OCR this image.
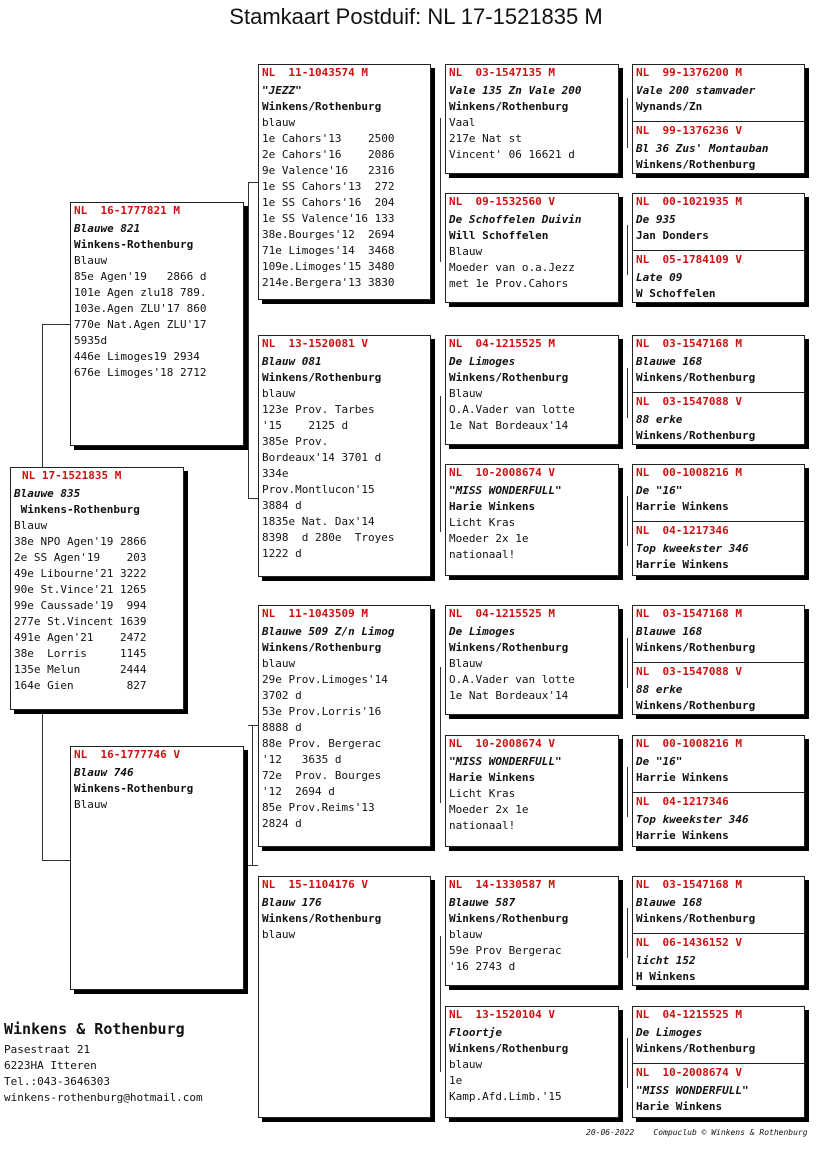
Stamkaart Postduif: NL 17-1521835 M
NL 17-1521835 M
Blauwe 835
Winkens-Rothenburg
Blauw
38e NPO Agen'19 2866
2e SS Agen'19    203
49e Libourne'21 3222
90e St.Vince'21 1265
99e Caussade'19  994
277e St.Vincent 1639
491e Agen'21    2472
38e  Lorris     1145
135e Melun      2444
164e Gien        827
NL  16-1777821 M
Blauwe 821
Winkens-Rothenburg
Blauw
85e Agen'19   2866 d
101e Agen zlu18 789.
103e.Agen ZLU'17 860
770e Nat.Agen ZLU'17
5935d
446e Limoges19 2934
676e Limoges'18 2712
NL  16-1777746 V
Blauw 746
Winkens-Rothenburg
Blauw
NL  11-1043574 M
"JEZZ"
Winkens/Rothenburg
blauw
1e Cahors'13    2500
2e Cahors'16    2086
9e Valence'16   2316
1e SS Cahors'13  272
1e SS Cahors'16  204
1e SS Valence'16 133
38e.Bourges'12  2694
71e Limoges'14  3468
109e.Limoges'15 3480
214e.Bergera'13 3830
NL  13-1520081 V
Blauw 081
Winkens/Rothenburg
blauw
123e Prov. Tarbes
'15    2125 d
385e Prov.
Bordeaux'14 3701 d
334e
Prov.Montlucon'15
3884 d
1835e Nat. Dax'14
8398  d 280e  Troyes
1222 d
NL  11-1043509 M
Blauwe 509 Z/n Limog
Winkens/Rothenburg
blauw
29e Prov.Limoges'14
3702 d
53e Prov.Lorris'16
8888 d
88e Prov. Bergerac
'12   3635 d
72e  Prov. Bourges
'12  2694 d
85e Prov.Reims'13
2824 d
NL  15-1104176 V
Blauw 176
Winkens/Rothenburg
blauw
NL  03-1547135 M
Vale 135 Zn Vale 200
Winkens/Rothenburg
Vaal
217e Nat st
Vincent' 06 16621 d
NL  09-1532560 V
De Schoffelen Duivin
Will Schoffelen
Blauw
Moeder van o.a.Jezz
met 1e Prov.Cahors
NL  04-1215525 M
De Limoges
Winkens/Rothenburg
Blauw
O.A.Vader van lotte
1e Nat Bordeaux'14
NL  10-2008674 V
"MISS WONDERFULL"
Harie Winkens
Licht Kras
Moeder 2x 1e
nationaal!
NL  04-1215525 M
De Limoges
Winkens/Rothenburg
Blauw
O.A.Vader van lotte
1e Nat Bordeaux'14
NL  10-2008674 V
"MISS WONDERFULL"
Harie Winkens
Licht Kras
Moeder 2x 1e
nationaal!
NL  14-1330587 M
Blauwe 587
Winkens/Rothenburg
blauw
59e Prov Bergerac
'16 2743 d
NL  13-1520104 V
Floortje
Winkens/Rothenburg
blauw
1e
Kamp.Afd.Limb.'15
NL  99-1376200 M
Vale 200 stamvader
Wynands/Zn
NL  99-1376236 V
Bl 36 Zus' Montauban
Winkens/Rothenburg
NL  00-1021935 M
De 935
Jan Donders
NL  05-1784109 V
Late 09
W Schoffelen
NL  03-1547168 M
Blauwe 168
Winkens/Rothenburg
NL  03-1547088 V
88 erke
Winkens/Rothenburg
NL  00-1008216 M
De "16"
Harrie Winkens
NL  04-1217346
Top kweekster 346
Harrie Winkens
NL  03-1547168 M
Blauwe 168
Winkens/Rothenburg
NL  03-1547088 V
88 erke
Winkens/Rothenburg
NL  00-1008216 M
De "16"
Harrie Winkens
NL  04-1217346
Top kweekster 346
Harrie Winkens
NL  03-1547168 M
Blauwe 168
Winkens/Rothenburg
NL  06-1436152 V
licht 152
H Winkens
NL  04-1215525 M
De Limoges
Winkens/Rothenburg
NL  10-2008674 V
"MISS WONDERFULL"
Harie Winkens
Winkens & Rothenburg
Pasestraat 21
6223HA Itteren
Tel.:043-3646303
winkens-rothenburg@hotmail.com
20-06-2022    Compuclub © Winkens & Rothenburg
